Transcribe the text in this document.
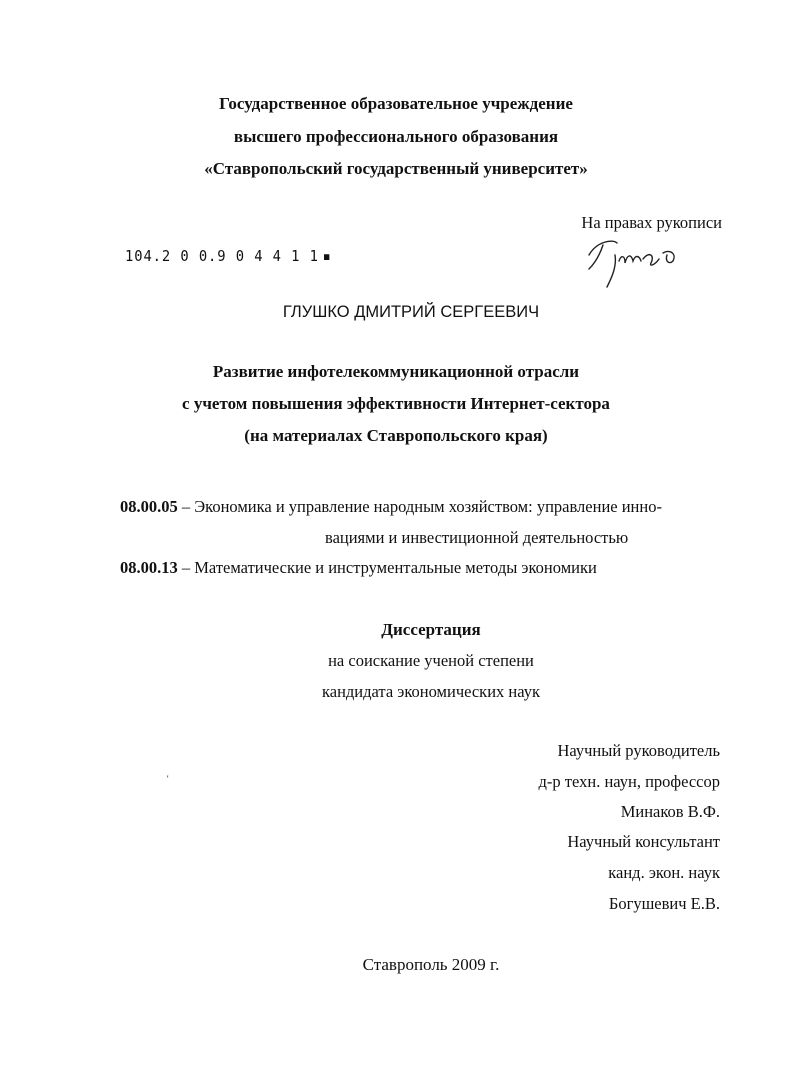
Государственное образовательное учреждение
высшего профессионального образования
«Ставропольский государственный университет»
На правах рукописи
104.2 0 0.9 0 4 4 1 1 ▪
ГЛУШКО ДМИТРИЙ СЕРГЕЕВИЧ
Развитие инфотелекоммуникационной отрасли
с учетом повышения эффективности Интернет-сектора
(на материалах Ставропольского края)
08.00.05 – Экономика и управление народным хозяйством: управление инно-
вациями и инвестиционной деятельностью
08.00.13 – Математические и инструментальные методы экономики
Диссертация
на соискание ученой степени
кандидата экономических наук
ʻ
Научный руководитель
д-р техн. наун, профессор
Минаков В.Ф.
Научный консультант
канд. экон. наук
Богушевич Е.В.
Ставрополь 2009 г.
